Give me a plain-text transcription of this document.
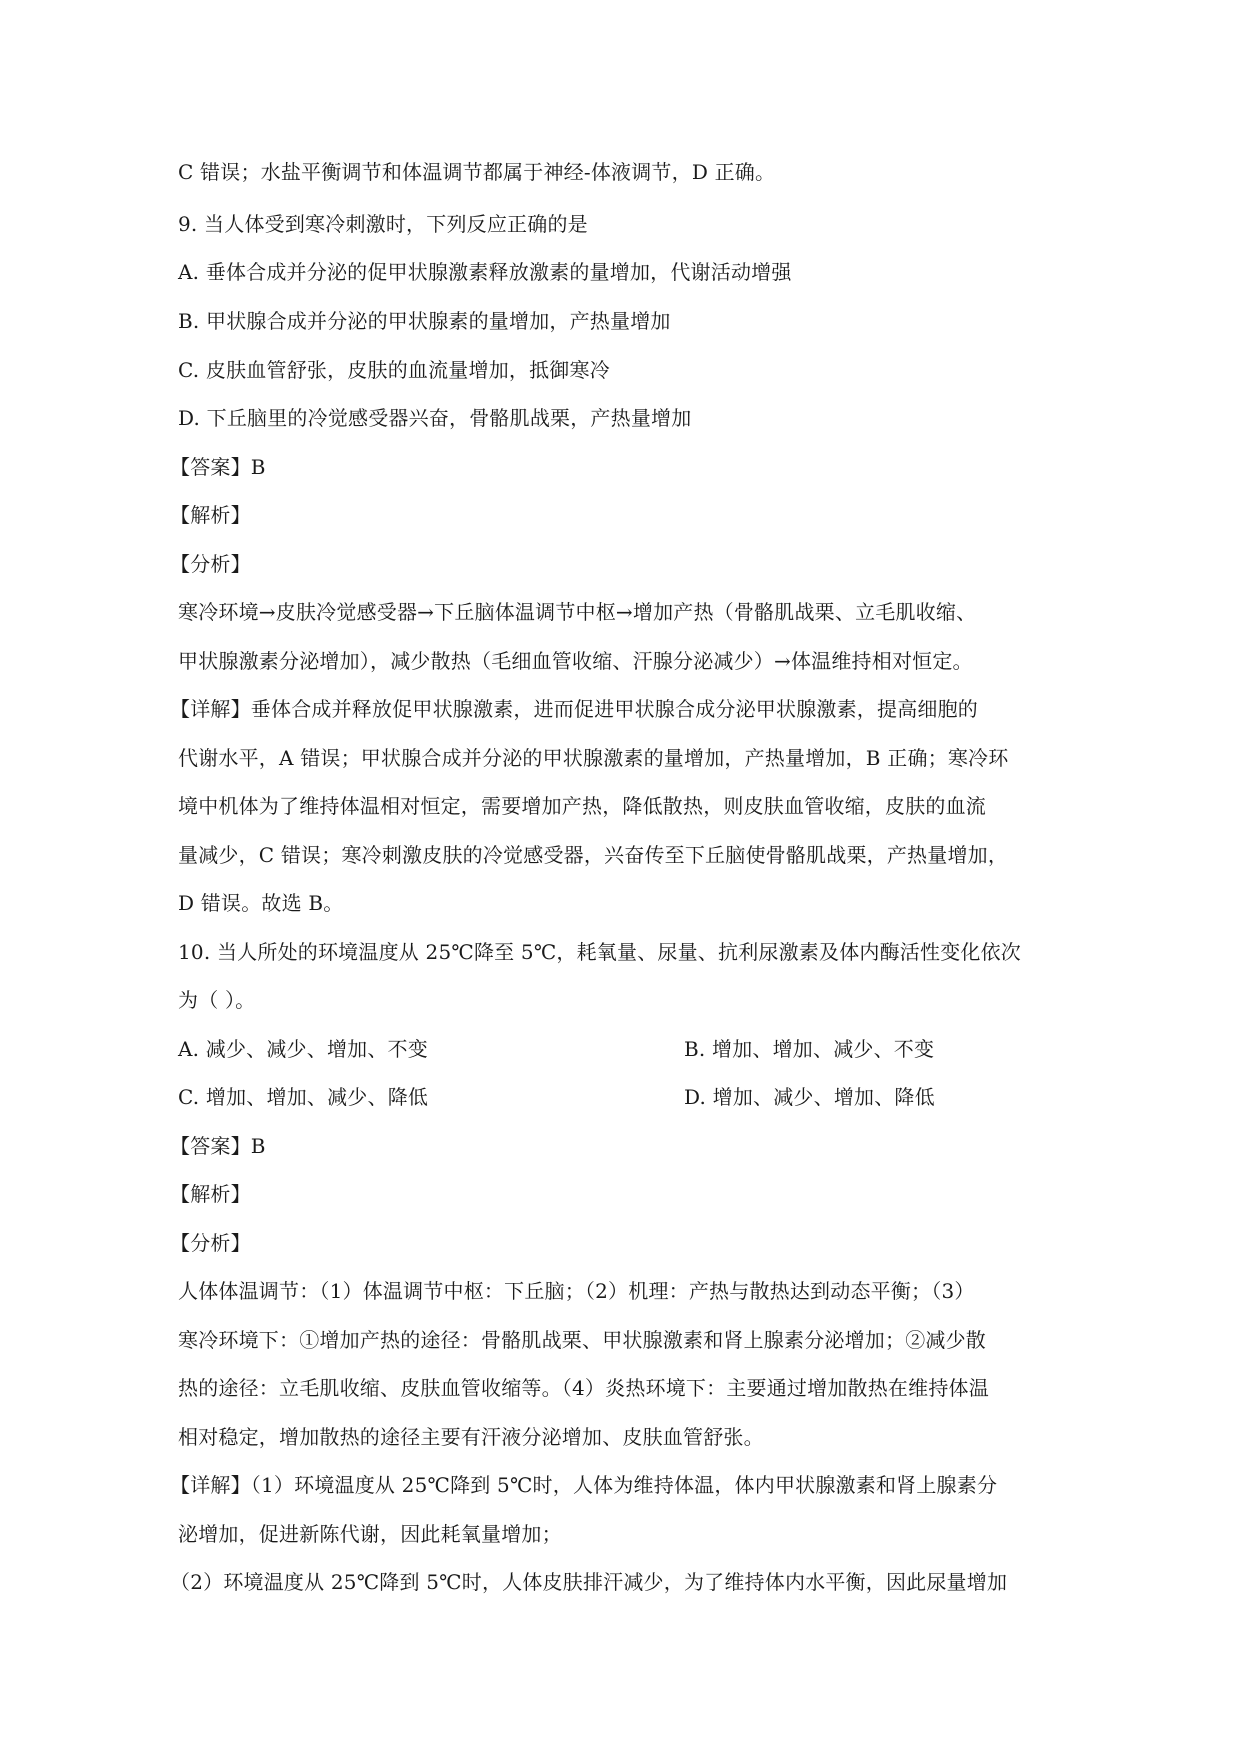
C 错误；水盐平衡调节和体温调节都属于神经-体液调节，D 正确。
9. 当人体受到寒冷刺激时，下列反应正确的是
A. 垂体合成并分泌的促甲状腺激素释放激素的量增加，代谢活动增强
B. 甲状腺合成并分泌的甲状腺素的量增加，产热量增加
C. 皮肤血管舒张，皮肤的血流量增加，抵御寒冷
D. 下丘脑里的冷觉感受器兴奋，骨骼肌战栗，产热量增加
【答案】B
【解析】
【分析】
寒冷环境→皮肤冷觉感受器→下丘脑体温调节中枢→增加产热（骨骼肌战栗、立毛肌收缩、
甲状腺激素分泌增加），减少散热（毛细血管收缩、汗腺分泌减少）→体温维持相对恒定。
【详解】垂体合成并释放促甲状腺激素，进而促进甲状腺合成分泌甲状腺激素，提高细胞的
代谢水平，A 错误；甲状腺合成并分泌的甲状腺激素的量增加，产热量增加，B 正确；寒冷环
境中机体为了维持体温相对恒定，需要增加产热，降低散热，则皮肤血管收缩，皮肤的血流
量减少，C 错误；寒冷刺激皮肤的冷觉感受器，兴奋传至下丘脑使骨骼肌战栗，产热量增加，
D 错误。故选 B。
10. 当人所处的环境温度从 25℃降至 5℃，耗氧量、尿量、抗利尿激素及体内酶活性变化依次
为（ ）。
A. 减少、减少、增加、不变	B. 增加、增加、减少、不变
C. 增加、增加、减少、降低	D. 增加、减少、增加、降低
【答案】B
【解析】
【分析】
人体体温调节：（1）体温调节中枢：下丘脑；（2）机理：产热与散热达到动态平衡；（3）
寒冷环境下：①增加产热的途径：骨骼肌战栗、甲状腺激素和肾上腺素分泌增加；②减少散
热的途径：立毛肌收缩、皮肤血管收缩等。（4）炎热环境下：主要通过增加散热在维持体温
相对稳定，增加散热的途径主要有汗液分泌增加、皮肤血管舒张。
【详解】（1）环境温度从 25℃降到 5℃时，人体为维持体温，体内甲状腺激素和肾上腺素分
泌增加，促进新陈代谢，因此耗氧量增加；
（2）环境温度从 25℃降到 5℃时，人体皮肤排汗减少，为了维持体内水平衡，因此尿量增加
